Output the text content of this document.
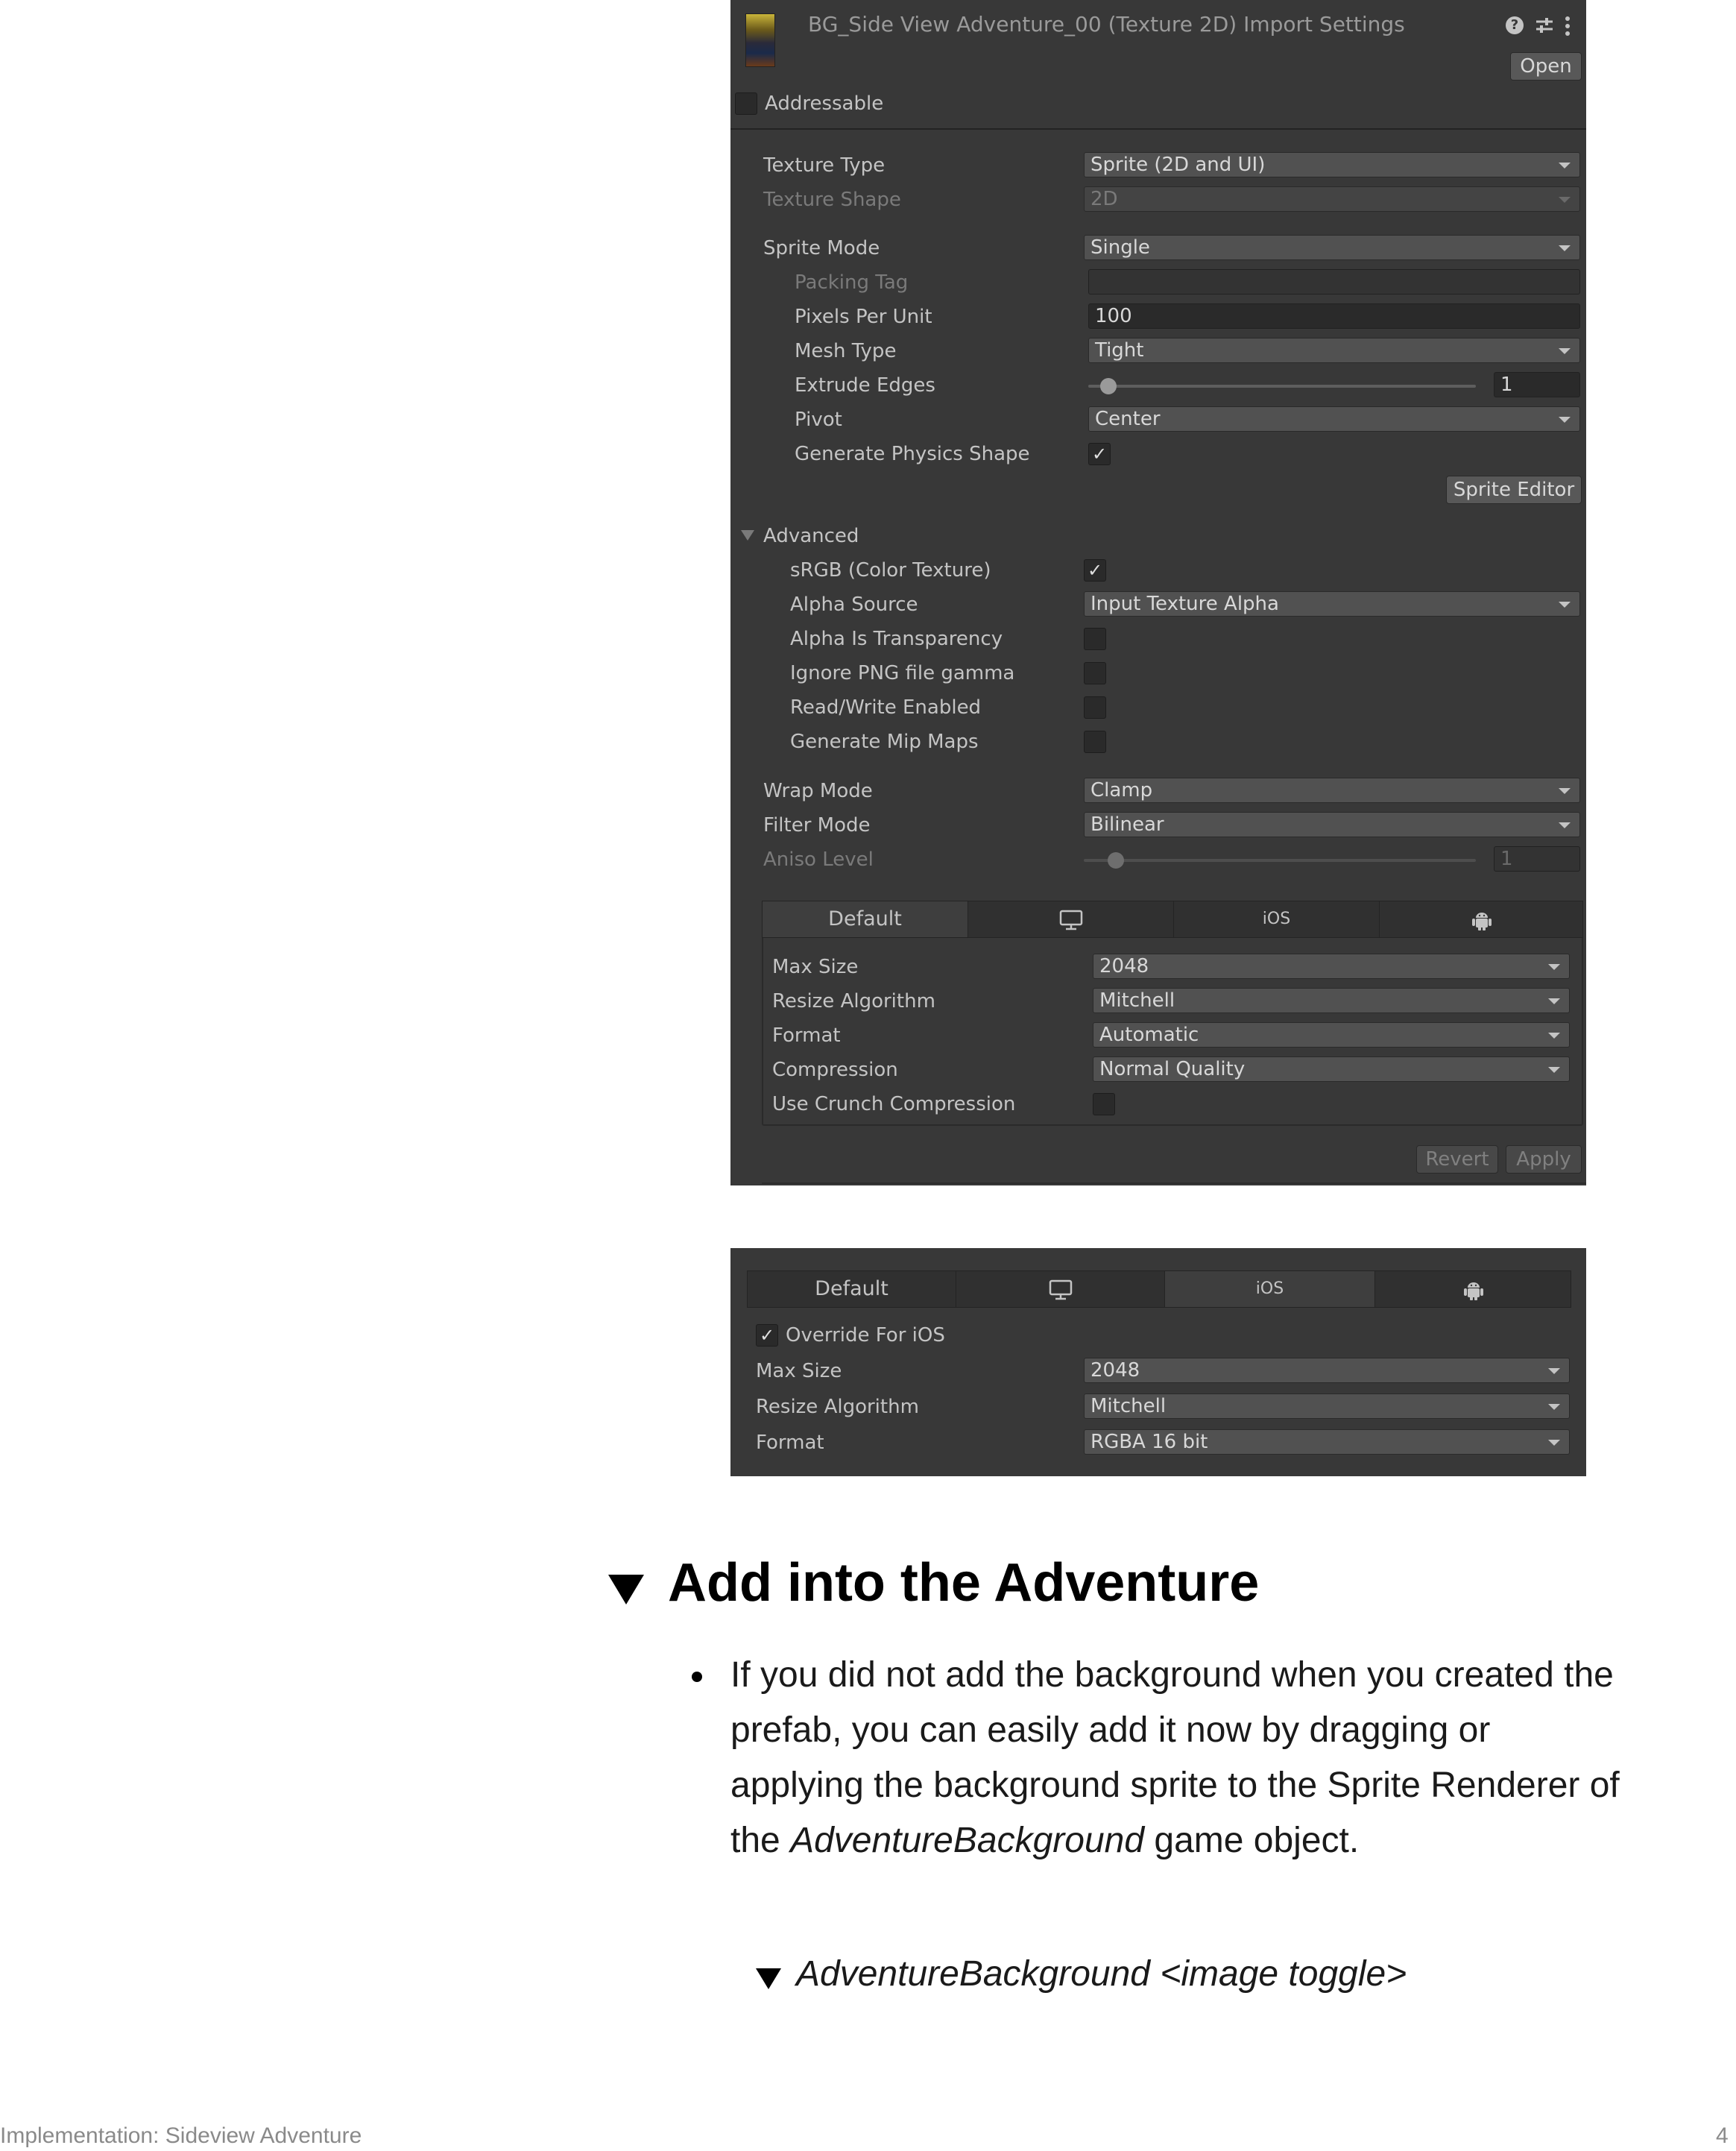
BG_Side View Adventure_00 (Texture 2D) Import Settings	?
Open
Addressable
Texture Type	Sprite (2D and UI)
Texture Shape	2D
Sprite Mode	Single
Packing Tag
Pixels Per Unit	100
Mesh Type	Tight
Extrude Edges	1
Pivot	Center
Generate Physics Shape	✓
Sprite Editor
Advanced
sRGB (Color Texture)	✓
Alpha Source	Input Texture Alpha
Alpha Is Transparency
Ignore PNG file gamma
Read/Write Enabled
Generate Mip Maps
Wrap Mode	Clamp
Filter Mode	Bilinear
Aniso Level	1
Default	iOS
Max Size	2048
Resize Algorithm	Mitchell
Format	Automatic
Compression	Normal Quality
Use Crunch Compression
Revert	Apply
Default	iOS
✓ Override For iOS
Max Size	2048
Resize Algorithm	Mitchell
Format	RGBA 16 bit
Add into the Adventure
If you did not add the background when you created the prefab, you can easily add it now by dragging or applying the background sprite to the Sprite Renderer of the AdventureBackground game object.
AdventureBackground <image toggle>
Implementation: Sideview Adventure	4
